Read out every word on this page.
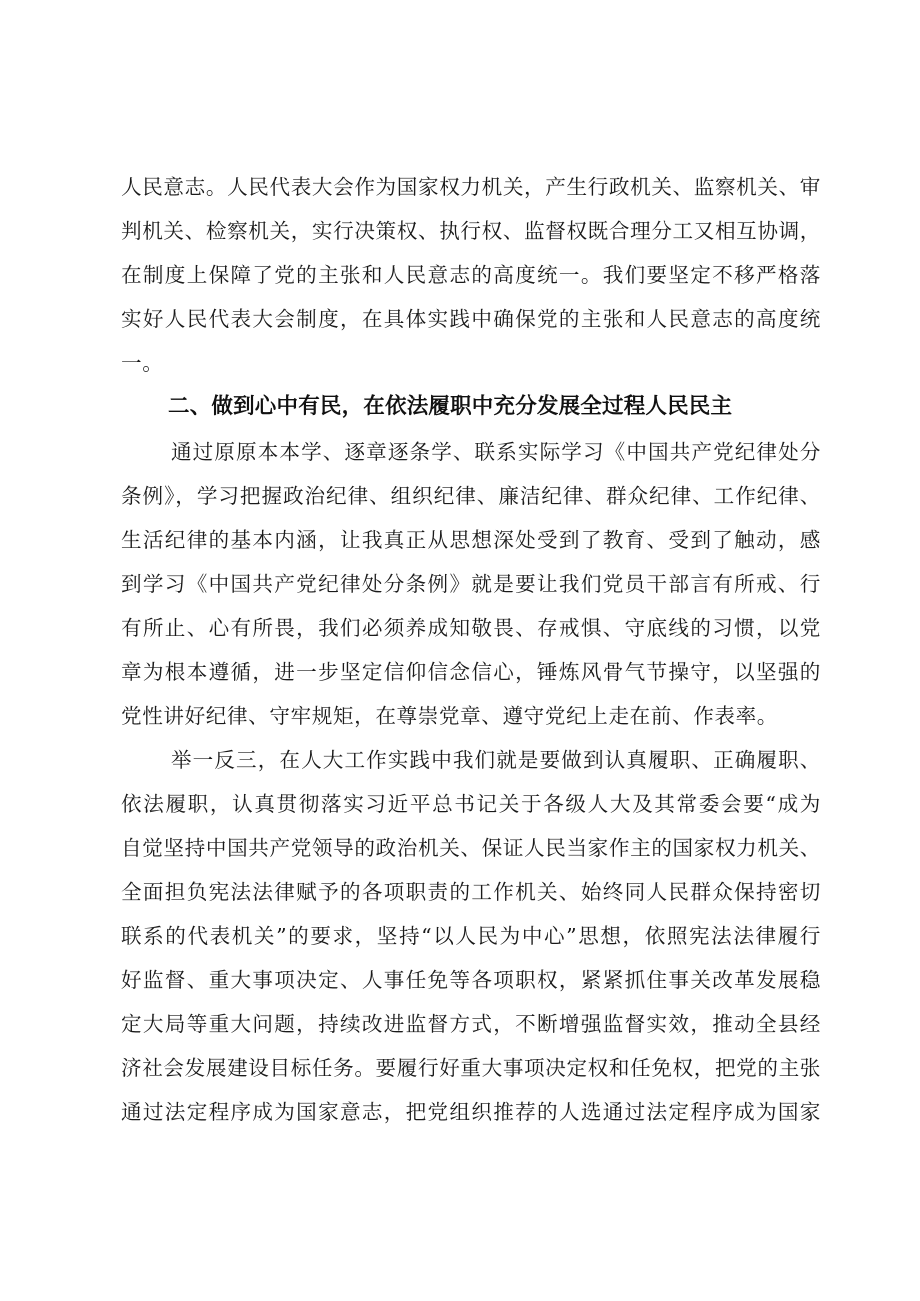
人民意志。人民代表大会作为国家权力机关，产生行政机关、监察机关、审
判机关、检察机关，实行决策权、执行权、监督权既合理分工又相互协调，
在制度上保障了党的主张和人民意志的高度统一。我们要坚定不移严格落
实好人民代表大会制度，在具体实践中确保党的主张和人民意志的高度统
一。
二、做到心中有民，在依法履职中充分发展全过程人民民主
通过原原本本学、逐章逐条学、联系实际学习《中国共产党纪律处分
条例》，学习把握政治纪律、组织纪律、廉洁纪律、群众纪律、工作纪律、
生活纪律的基本内涵，让我真正从思想深处受到了教育、受到了触动，感
到学习《中国共产党纪律处分条例》就是要让我们党员干部言有所戒、行
有所止、心有所畏，我们必须养成知敬畏、存戒惧、守底线的习惯，以党
章为根本遵循，进一步坚定信仰信念信心，锤炼风骨气节操守，以坚强的
党性讲好纪律、守牢规矩，在尊崇党章、遵守党纪上走在前、作表率。
举一反三，在人大工作实践中我们就是要做到认真履职、正确履职、
依法履职，认真贯彻落实习近平总书记关于各级人大及其常委会要“成为
自觉坚持中国共产党领导的政治机关、保证人民当家作主的国家权力机关、
全面担负宪法法律赋予的各项职责的工作机关、始终同人民群众保持密切
联系的代表机关”的要求，坚持“以人民为中心”思想，依照宪法法律履行
好监督、重大事项决定、人事任免等各项职权，紧紧抓住事关改革发展稳
定大局等重大问题，持续改进监督方式，不断增强监督实效，推动全县经
济社会发展建设目标任务。要履行好重大事项决定权和任免权，把党的主张
通过法定程序成为国家意志，把党组织推荐的人选通过法定程序成为国家
